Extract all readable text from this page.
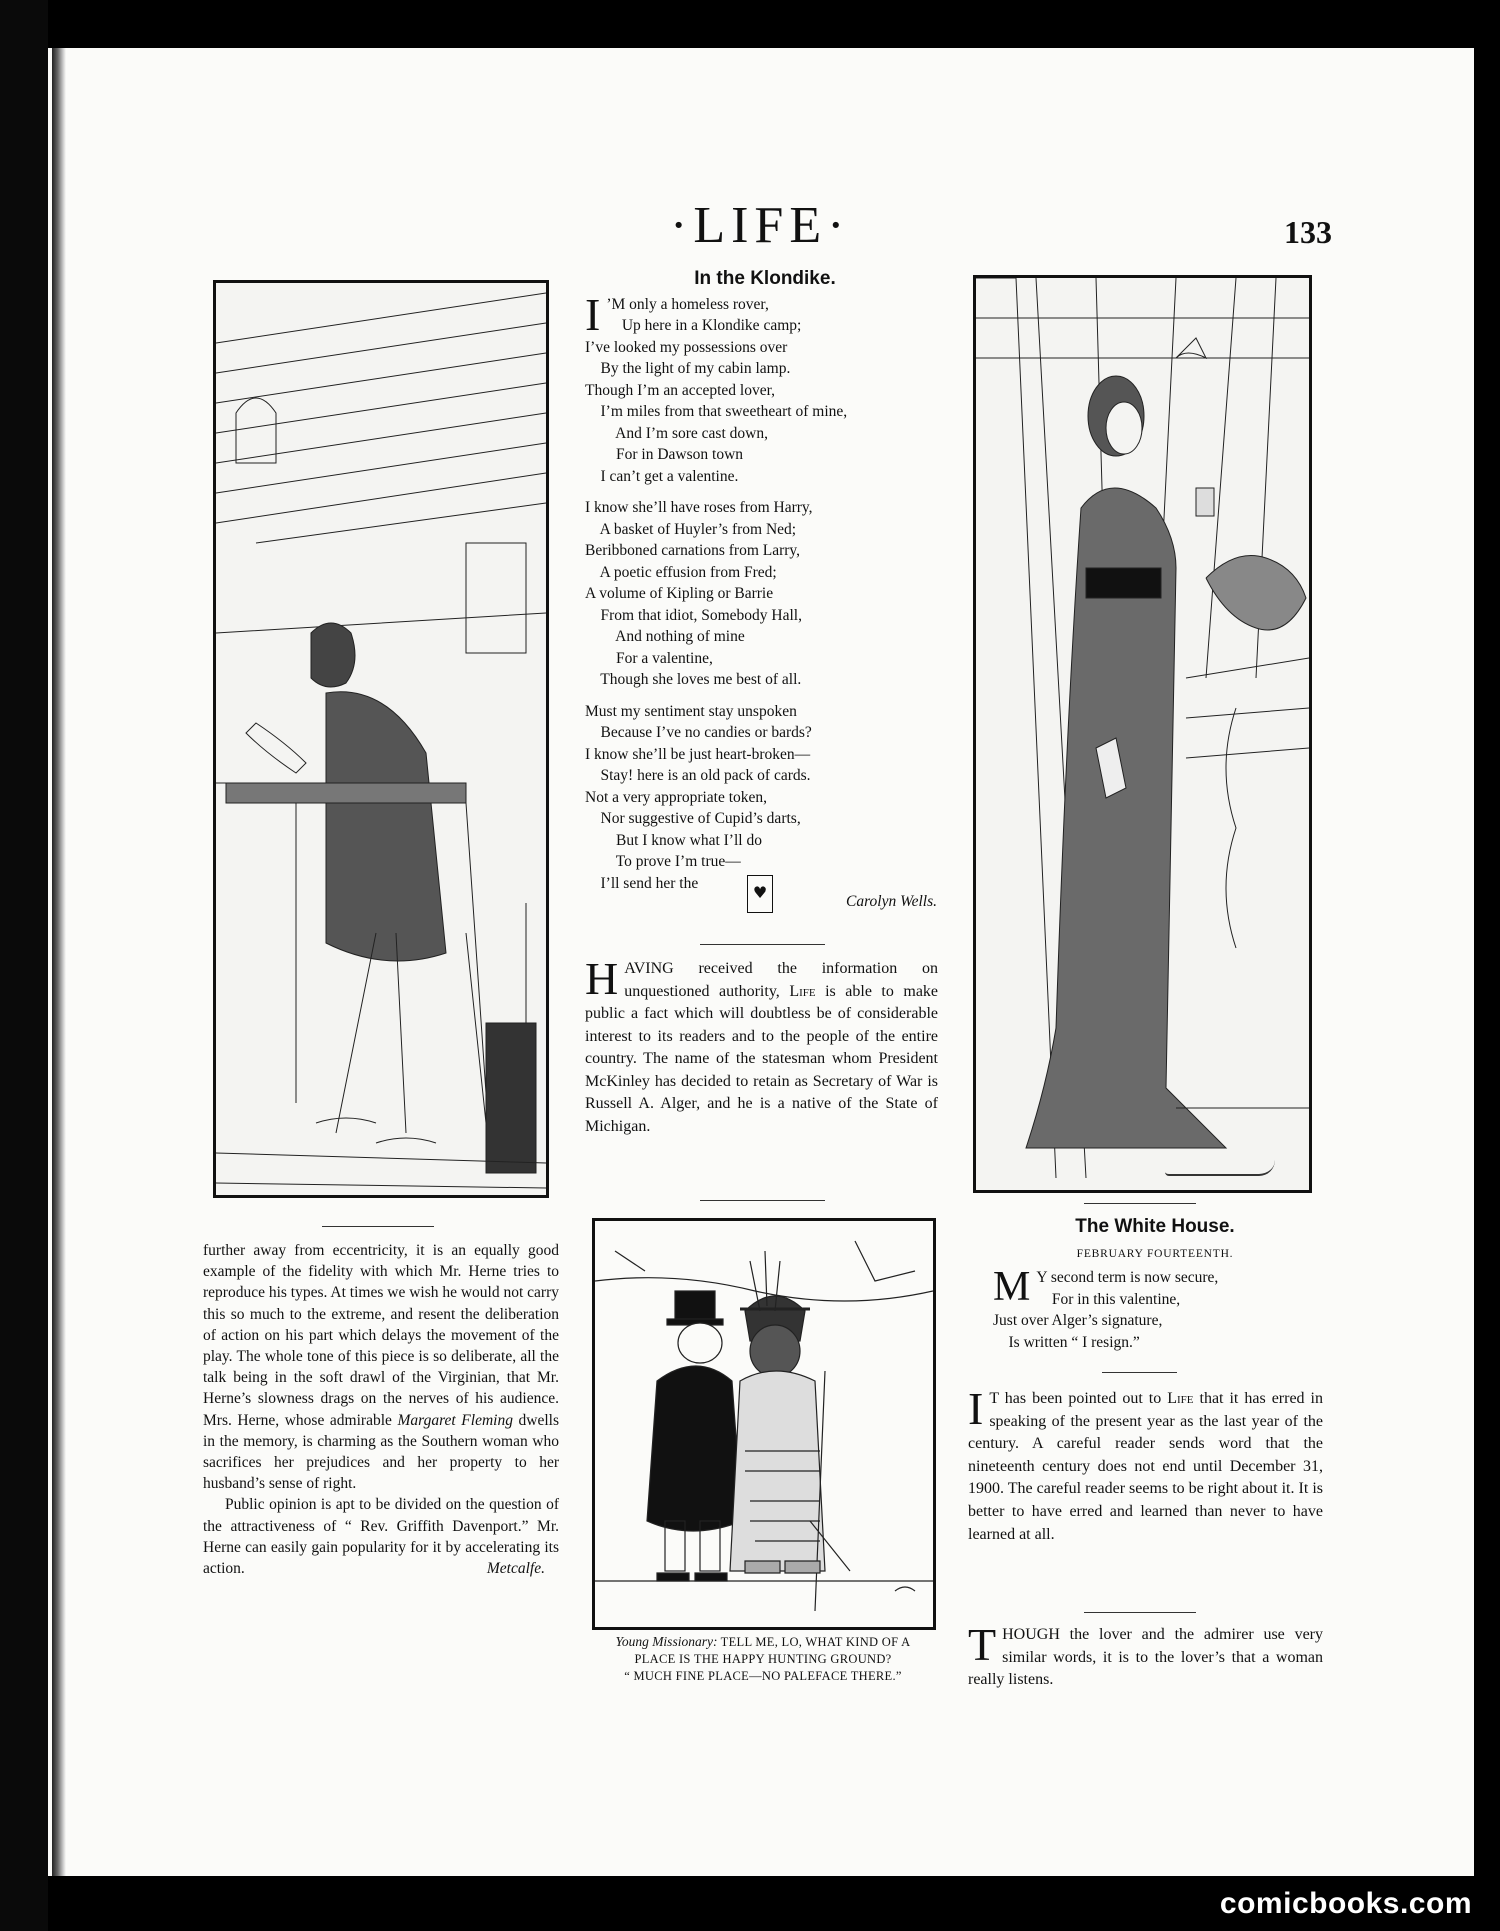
·LIFE·	133
In the Klondike.
I ’M only a homeless rover,

Up here in a Klondike camp;

I’ve looked my possessions over

By the light of my cabin lamp.

Though I’m an accepted lover,

I’m miles from that sweetheart of mine,

And I’m sore cast down,

For in Dawson town

I can’t get a valentine.

I know she’ll have roses from Harry,

A basket of Huyler’s from Ned;

Beribboned carnations from Larry,

A poetic effusion from Fred;

A volume of Kipling or Barrie

From that idiot, Somebody Hall,

And nothing of mine

For a valentine,

Though she loves me best of all.

Must my sentiment stay unspoken

Because I’ve no candies or bards?

I know she’ll be just heart-broken—

Stay! here is an old pack of cards.

Not a very appropriate token,

Nor suggestive of Cupid’s darts,

But I know what I’ll do

To prove I’m true—

I’ll send her the	♥	Carolyn Wells.
HAVING received the information on unquestioned authority, Life is able to make public a fact which will doubtless be of considerable interest to its readers and to the people of the entire country. The name of the statesman whom President McKinley has decided to retain as Secretary of War is Russell A. Alger, and he is a native of the State of Michigan.
further away from eccentricity, it is an equally good example of the fidelity with which Mr. Herne tries to reproduce his types. At times we wish he would not carry this so much to the extreme, and resent the deliberation of action on his part which delays the movement of the play. The whole tone of this piece is so deliberate, all the talk being in the soft drawl of the Virginian, that Mr. Herne’s slowness drags on the nerves of his audience. Mrs. Herne, whose admirable Margaret Fleming dwells in the memory, is charming as the Southern woman who sacrifices her prejudices and her property to her husband’s sense of right.
Public opinion is apt to be divided on the question of the attractiveness of “ Rev. Griffith Davenport.” Mr. Herne can easily gain popularity for it by accelerating its action.	Metcalfe.
Young Missionary: TELL ME, LO, WHAT KIND OF A PLACE IS THE HAPPY HUNTING GROUND?
“ MUCH FINE PLACE—NO PALEFACE THERE.”
The White House.
FEBRUARY FOURTEENTH.
M Y second term is now secure,

For in this valentine,

Just over Alger’s signature,

Is written “ I resign.”

I T has been pointed out to Life that it has erred in speaking of the present year as the last year of the century. A careful reader sends word that the nineteenth century does not end until December 31, 1900. The careful reader seems to be right about it. It is better to have erred and learned than never to have learned at all.
THOUGH the lover and the admirer use very similar words, it is to the lover’s that a woman really listens.
comicbooks.com
